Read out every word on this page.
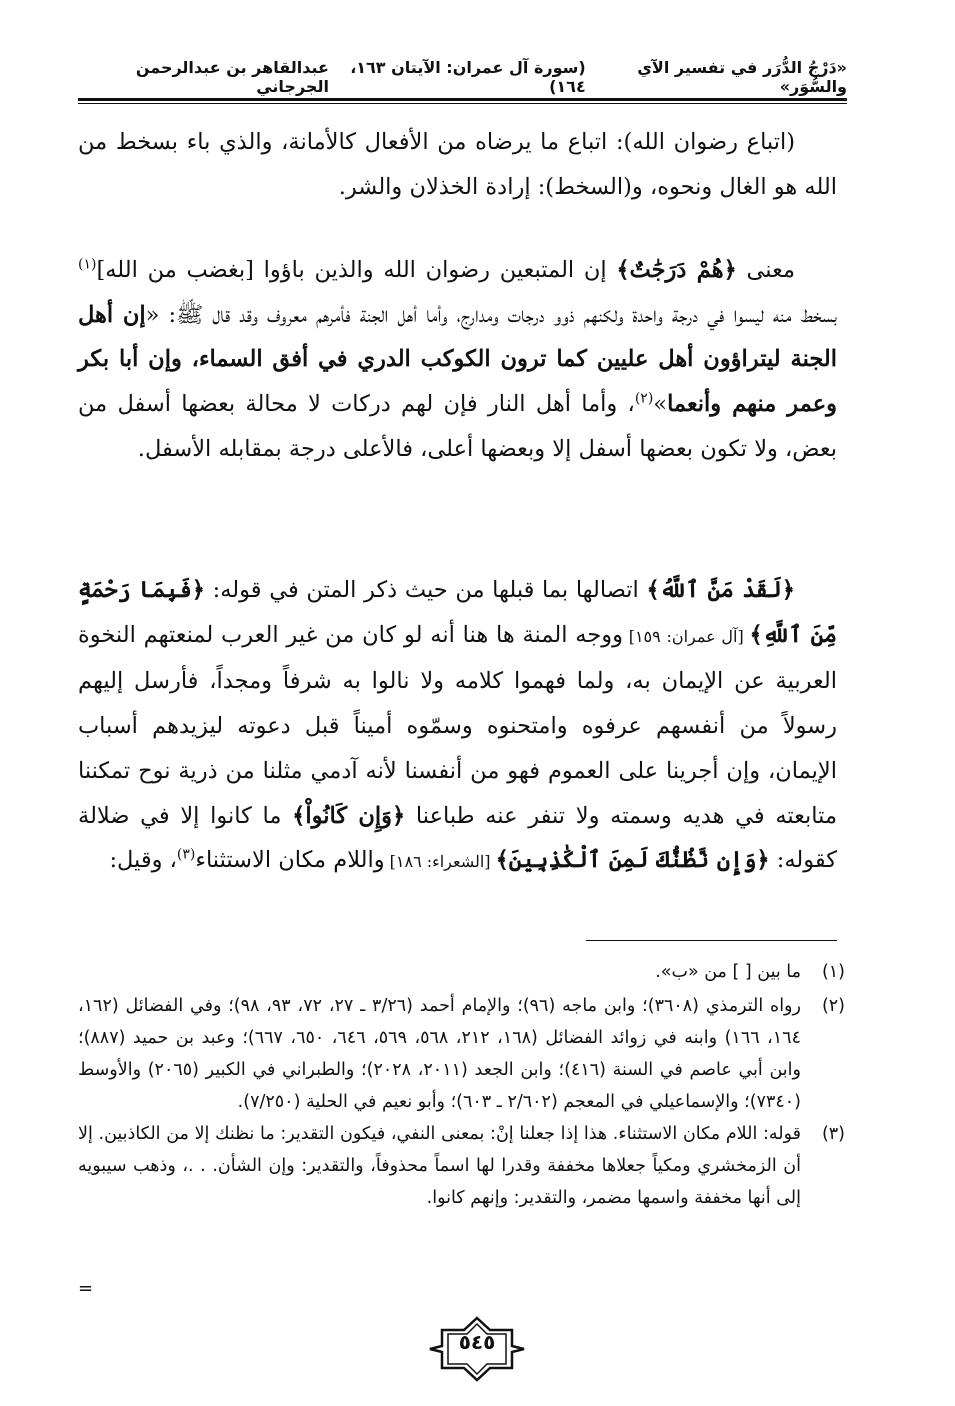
«دَرْجُ الدُّرَر في تفسير الآي والسُّوَر»
(سورة آل عمران: الآيتان ١٦٣، ١٦٤)
عبدالقاهر بن عبدالرحمن الجرجاني

(اتباع رضوان الله): اتباع ما يرضاه من الأفعال كالأمانة، والذي باء بسخط من الله هو الغال ونحوه، و(السخط): إرادة الخذلان والشر.

معنى ﴿هُمْ دَرَجَٰتٌ﴾ إن المتبعين رضوان الله والذين باؤوا [بغضب من الله]$^{(١)}$ بسخط منه ليسوا في درجة واحدة ولكنهم ذوو درجات ومدارج، وأما أهل الجنة فأمرهم معروف وقد قال ﷺ: «إن أهل الجنة ليتراؤون أهل عليين كما ترون الكوكب الدري في أفق السماء، وإن أبا بكر وعمر منهم وأنعما»$^{(٢)}$، وأما أهل النار فإن لهم دركات لا محالة بعضها أسفل من بعض، ولا تكون بعضها أسفل إلا وبعضها أعلى، فالأعلى درجة بمقابله الأسفل.

﴿لَقَدْ مَنَّ ٱللَّهُ﴾ اتصالها بما قبلها من حيث ذكر المتن في قوله: ﴿فَبِمَا رَحْمَةٍ مِّنَ ٱللَّهِ﴾ [آل عمران: ١٥٩] ووجه المنة ها هنا أنه لو كان من غير العرب لمنعتهم النخوة العربية عن الإيمان به، ولما فهموا كلامه ولا نالوا به شرفاً ومجداً، فأرسل إليهم رسولاً من أنفسهم عرفوه وامتحنوه وسمّوه أميناً قبل دعوته ليزيدهم أسباب الإيمان، وإن أجرينا على العموم فهو من أنفسنا لأنه آدمي مثلنا من ذرية نوح تمكننا متابعته في هديه وسمته ولا تنفر عنه طباعنا ﴿وَإِن كَانُواْ﴾ ما كانوا إلا في ضلالة كقوله: ﴿وَإِن نَّظُنُّكَ لَمِنَ ٱلْكَٰذِبِينَ﴾ [الشعراء: ١٨٦] واللام مكان الاستثناء$^{(٣)}$، وقيل:

(١)
ما بين [ ] من «ب».
(٢)
رواه الترمذي (٣٦٠٨)؛ وابن ماجه (٩٦)؛ والإمام أحمد (٣/٢٦ ـ ٢٧، ٧٢، ٩٣، ٩٨)؛ وفي الفضائل (١٦٢، ١٦٤، ١٦٦) وابنه في زوائد الفضائل (١٦٨، ٢١٢، ٥٦٨، ٥٦٩، ٦٤٦، ٦٥٠، ٦٦٧)؛ وعبد بن حميد (٨٨٧)؛ وابن أبي عاصم في السنة (٤١٦)؛ وابن الجعد (٢٠١١، ٢٠٢٨)؛ والطبراني في الكبير (٢٠٦٥) والأوسط (٧٣٤٠)؛ والإسماعيلي في المعجم (٢/٦٠٢ ـ ٦٠٣)؛ وأبو نعيم في الحلية (٧/٢٥٠).
(٣)
قوله: اللام مكان الاستثناء. هذا إذا جعلنا إنْ: بمعنى النفي، فيكون التقدير: ما نظنك إلا من الكاذبين. إلا أن الزمخشري ومكياً جعلاها مخففة وقدرا لها اسماً محذوفاً، والتقدير: وإن الشأن. . .، وذهب سيبويه إلى أنها مخففة واسمها مضمر، والتقدير: وإنهم كانوا.
=
٥٤٥
